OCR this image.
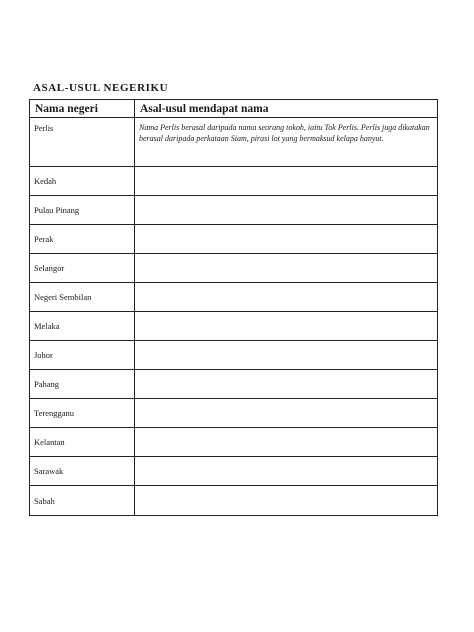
ASAL-USUL NEGERIKU
Nama negeri	Asal-usul mendapat nama
Perlis	Nama Perlis berasal daripada nama seorang tokoh, iaitu Tok Perlis. Perlis juga dikatakan berasal daripada perkataan Siam, pirasi lot yang bermaksud kelapa hanyut.
Kedah	
Pulau Pinang	
Perak	
Selangor	
Negeri Sembilan	
Melaka	
Johor	
Pahang	
Terengganu	
Kelantan	
Sarawak	
Sabah	
